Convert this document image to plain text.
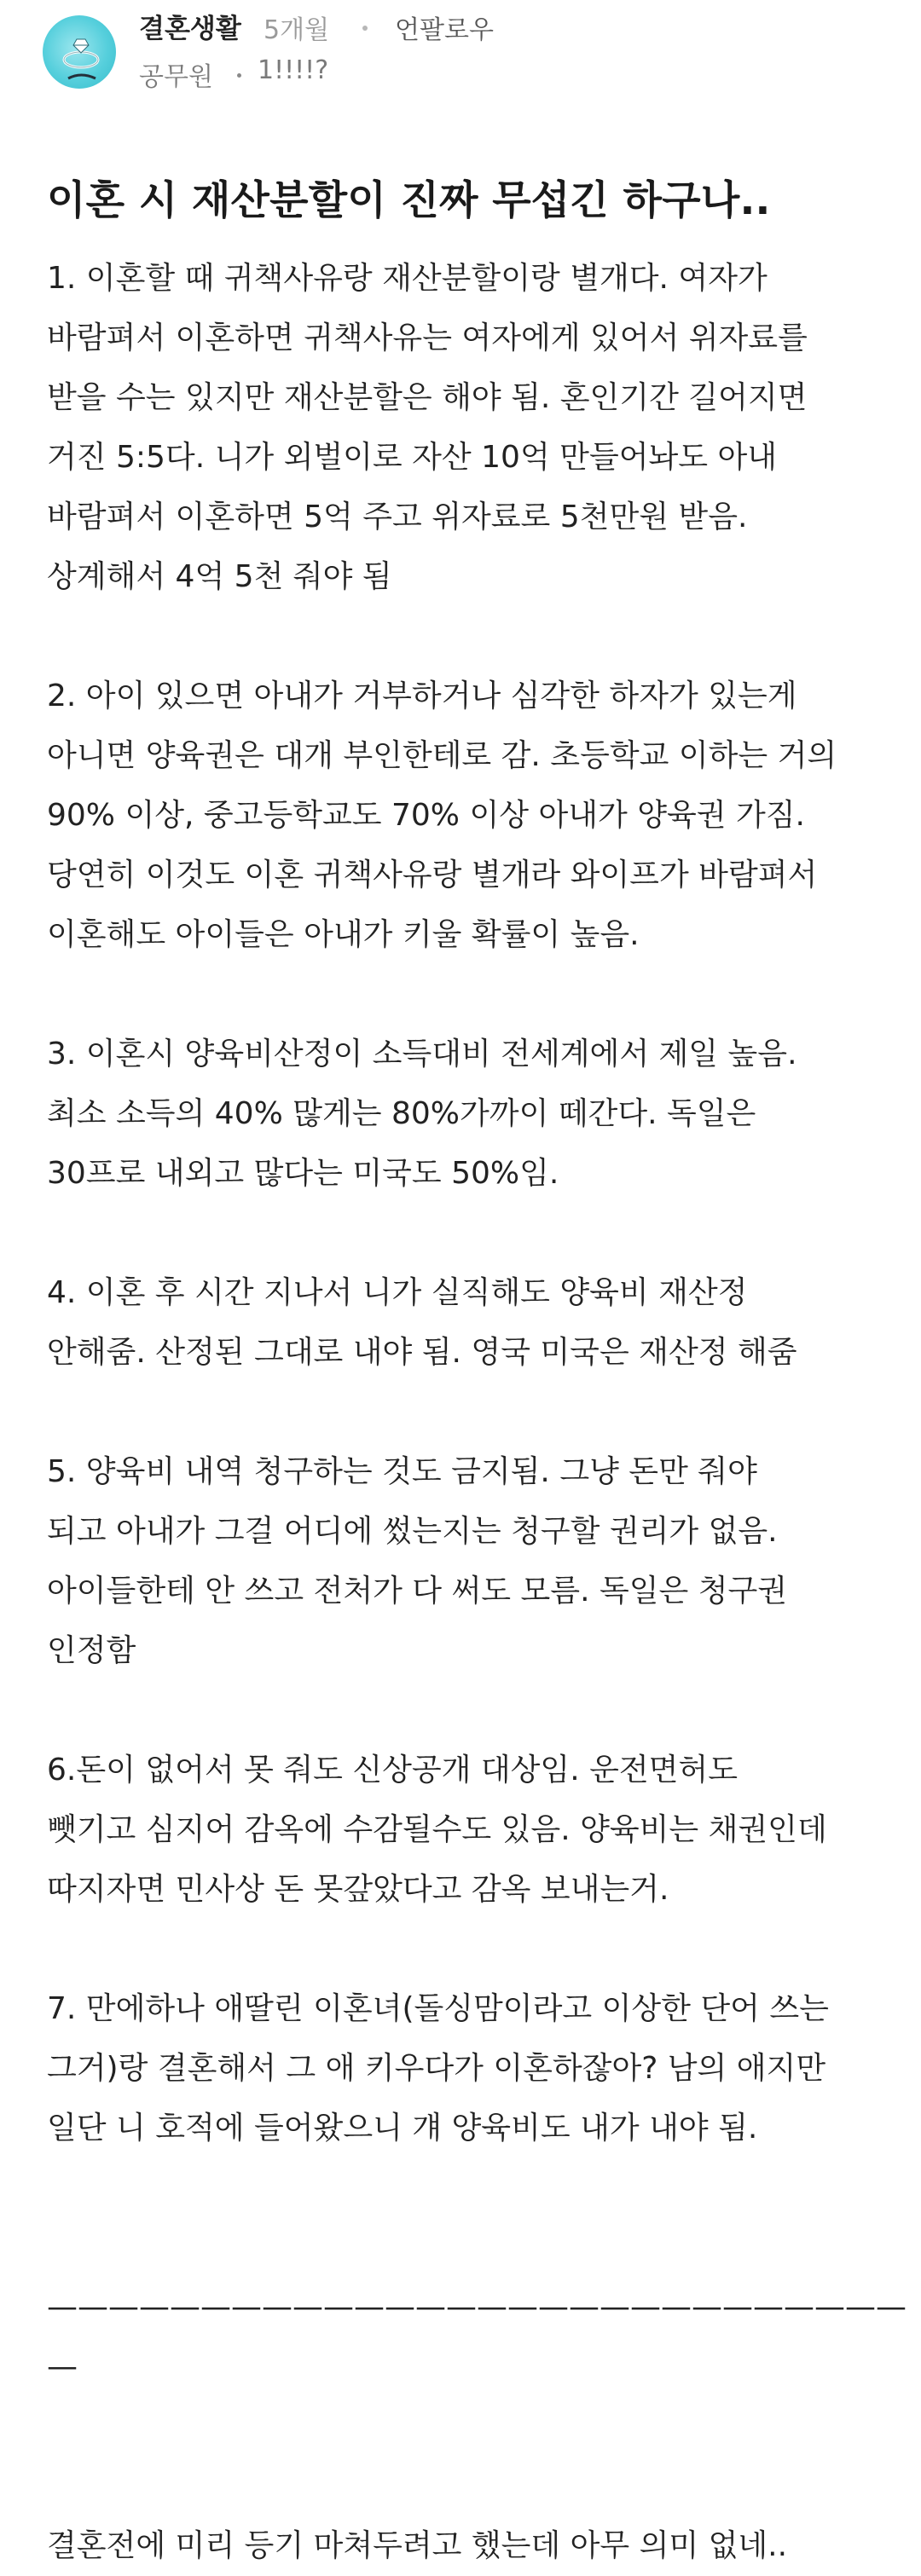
결혼생활 5개월	언팔로우
공무원 1!!!!?
이혼 시 재산분할이 진짜 무섭긴 하구나..
1. 이혼할 때 귀책사유랑 재산분할이랑 별개다. 여자가
바람펴서 이혼하면 귀책사유는 여자에게 있어서 위자료를
받을 수는 있지만 재산분할은 해야 됨. 혼인기간 길어지면
거진 5:5다. 니가 외벌이로 자산 10억 만들어놔도 아내
바람펴서 이혼하면 5억 주고 위자료로 5천만원 받음.
상계해서 4억 5천 줘야 됨
2. 아이 있으면 아내가 거부하거나 심각한 하자가 있는게
아니면 양육권은 대개 부인한테로 감. 초등학교 이하는 거의
90% 이상, 중고등학교도 70% 이상 아내가 양육권 가짐.
당연히 이것도 이혼 귀책사유랑 별개라 와이프가 바람펴서
이혼해도 아이들은 아내가 키울 확률이 높음.
3. 이혼시 양육비산정이 소득대비 전세계에서 제일 높음.
최소 소득의 40% 많게는 80%가까이 떼간다. 독일은
30프로 내외고 많다는 미국도 50%임.
4. 이혼 후 시간 지나서 니가 실직해도 양육비 재산정
안해줌. 산정된 그대로 내야 됨. 영국 미국은 재산정 해줌
5. 양육비 내역 청구하는 것도 금지됨. 그냥 돈만 줘야
되고 아내가 그걸 어디에 썼는지는 청구할 권리가 없음.
아이들한테 안 쓰고 전처가 다 써도 모름. 독일은 청구권
인정함
6.돈이 없어서 못 줘도 신상공개 대상임. 운전면허도
뺏기고 심지어 감옥에 수감될수도 있음. 양육비는 채권인데
따지자면 민사상 돈 못갚았다고 감옥 보내는거.
7. 만에하나 애딸린 이혼녀(돌싱맘이라고 이상한 단어 쓰는
그거)랑 결혼해서 그 애 키우다가 이혼하잖아? 남의 애지만
일단 니 호적에 들어왔으니 걔 양육비도 내가 내야 됨.
————————————————————————————
—
결혼전에 미리 등기 마쳐두려고 했는데 아무 의미 없네..
